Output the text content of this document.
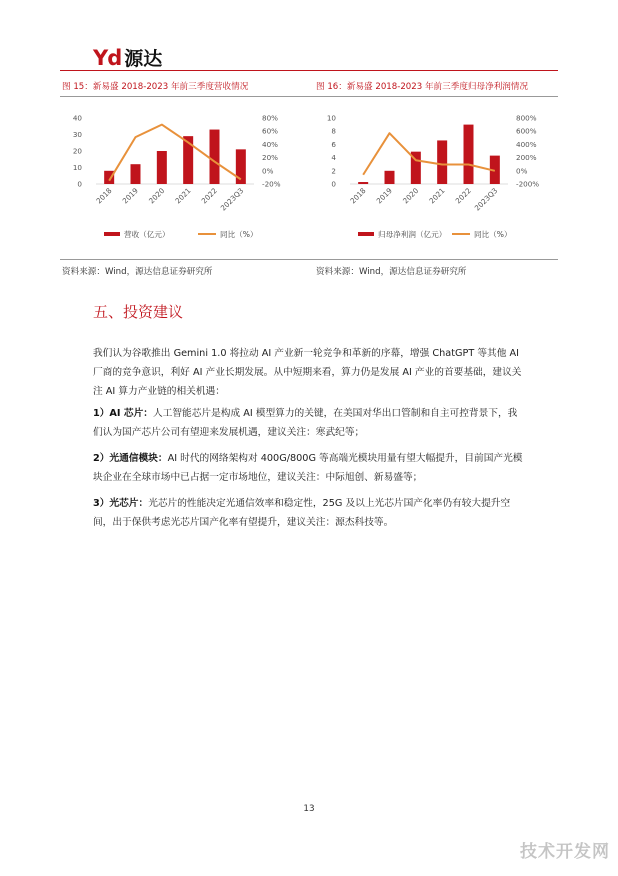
Yd 源达
图 15：新易盛 2018-2023 年前三季度营收情况	图 16：新易盛 2018-2023 年前三季度归母净利润情况
0
10
20
30
40
-20%
0%
20%
40%
60%
80%
2018 2019 2020 2021 2022 2023Q3
营收（亿元）	同比（%）
0
2
4
6
8
10
-200%
0%
200%
400%
600%
800%
2018 2019 2020 2021 2022 2023Q3
归母净利润（亿元）	同比（%）
资料来源：Wind，源达信息证券研究所	资料来源：Wind，源达信息证券研究所
五、投资建议

我们认为谷歌推出 Gemini 1.0 将拉动 AI 产业新一轮竞争和革新的序幕，增强 ChatGPT 等其他 AI 厂商的竞争意识，利好 AI 产业长期发展。从中短期来看，算力仍是发展 AI 产业的首要基础，建议关注 AI 算力产业链的相关机遇：

1）AI 芯片：人工智能芯片是构成 AI 模型算力的关键，在美国对华出口管制和自主可控背景下，我们认为国产芯片公司有望迎来发展机遇，建议关注：寒武纪等；

2）光通信模块：AI 时代的网络架构对 400G/800G 等高端光模块用量有望大幅提升，目前国产光模块企业在全球市场中已占据一定市场地位，建议关注：中际旭创、新易盛等；

3）光芯片：光芯片的性能决定光通信效率和稳定性，25G 及以上光芯片国产化率仍有较大提升空间，出于保供考虑光芯片国产化率有望提升，建议关注：源杰科技等。

13
技术开发网
